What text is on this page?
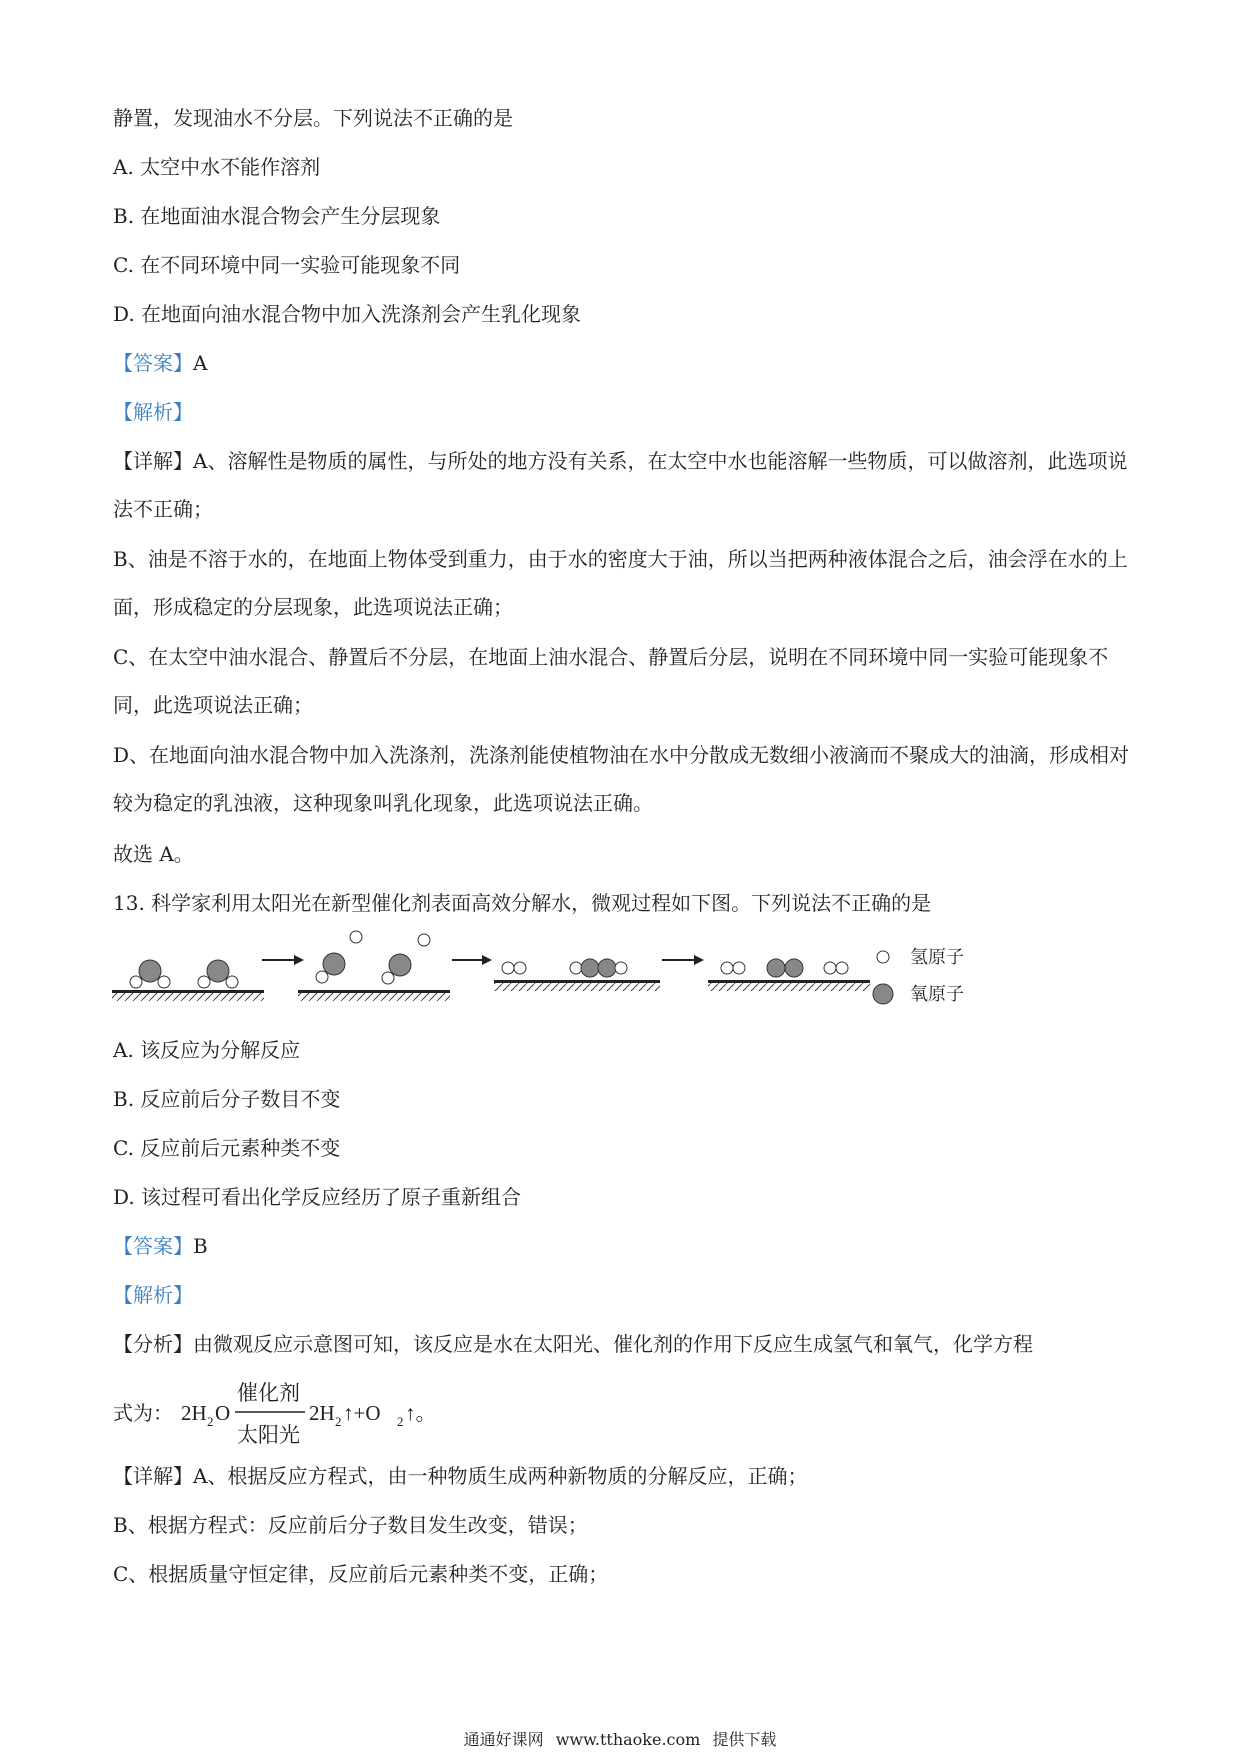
静置，发现油水不分层。下列说法不正确的是
A. 太空中水不能作溶剂
B. 在地面油水混合物会产生分层现象
C. 在不同环境中同一实验可能现象不同
D. 在地面向油水混合物中加入洗涤剂会产生乳化现象
【答案】A
【解析】
【详解】A、溶解性是物质的属性，与所处的地方没有关系，在太空中水也能溶解一些物质，可以做溶剂，此选项说法不正确；
B、油是不溶于水的，在地面上物体受到重力，由于水的密度大于油，所以当把两种液体混合之后，油会浮在水的上面，形成稳定的分层现象，此选项说法正确；
C、在太空中油水混合、静置后不分层，在地面上油水混合、静置后分层，说明在不同环境中同一实验可能现象不同，此选项说法正确；
D、在地面向油水混合物中加入洗涤剂，洗涤剂能使植物油在水中分散成无数细小液滴而不聚成大的油滴，形成相对较为稳定的乳浊液，这种现象叫乳化现象，此选项说法正确。
故选 A。
13. 科学家利用太阳光在新型催化剂表面高效分解水，微观过程如下图。下列说法不正确的是
氢原子
氧原子
A. 该反应为分解反应
B. 反应前后分子数目不变
C. 反应前后元素种类不变
D. 该过程可看出化学反应经历了原子重新组合
【答案】B
【解析】
【分析】由微观反应示意图可知，该反应是水在太阳光、催化剂的作用下反应生成氢气和氧气，化学方程
式为： 2H 2 O
催化剂
太阳光
2H 2 ↑+O 2 ↑。
【详解】A、根据反应方程式，由一种物质生成两种新物质的分解反应，正确；
B、根据方程式：反应前后分子数目发生改变，错误；
C、根据质量守恒定律，反应前后元素种类不变，正确；
通通好课网 www.tthaoke.com 提供下载
